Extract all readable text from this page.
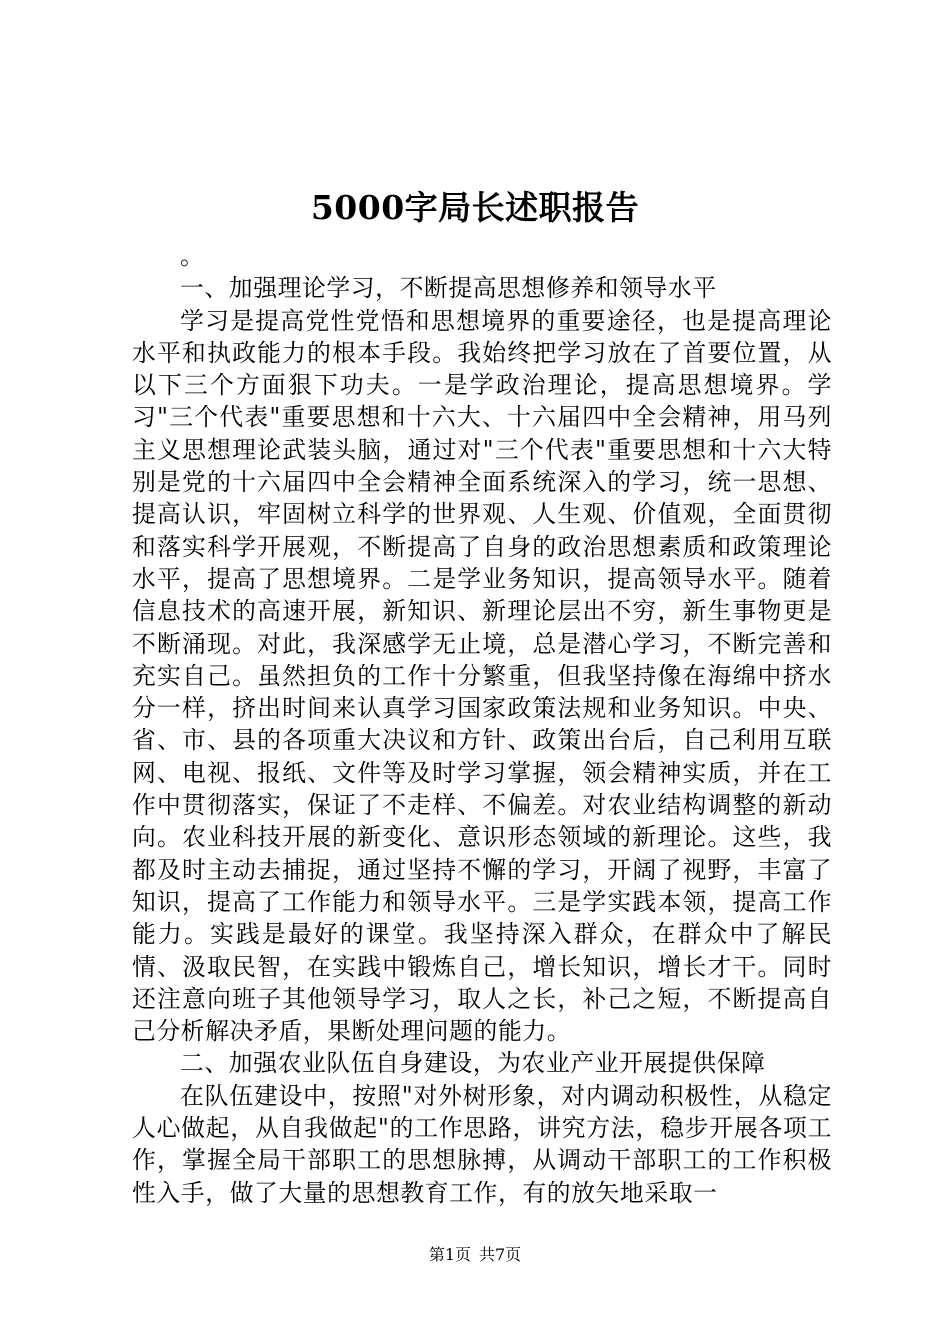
5000字局长述职报告

。

一、加强理论学习，不断提高思想修养和领导水平

学习是提高党性党悟和思想境界的重要途径，也是提高理论水平和执政能力的根本手段。我始终把学习放在了首要位置，从以下三个方面狠下功夫。一是学政治理论，提高思想境界。学习"三个代表"重要思想和十六大、十六届四中全会精神，用马列主义思想理论武装头脑，通过对"三个代表"重要思想和十六大特别是党的十六届四中全会精神全面系统深入的学习，统一思想、提高认识，牢固树立科学的世界观、人生观、价值观，全面贯彻和落实科学开展观，不断提高了自身的政治思想素质和政策理论水平，提高了思想境界。二是学业务知识，提高领导水平。随着信息技术的高速开展，新知识、新理论层出不穷，新生事物更是不断涌现。对此，我深感学无止境，总是潜心学习，不断完善和充实自己。虽然担负的工作十分繁重，但我坚持像在海绵中挤水分一样，挤出时间来认真学习国家政策法规和业务知识。中央、省、市、县的各项重大决议和方针、政策出台后，自己利用互联网、电视、报纸、文件等及时学习掌握，领会精神实质，并在工作中贯彻落实，保证了不走样、不偏差。对农业结构调整的新动向。农业科技开展的新变化、意识形态领域的新理论。这些，我都及时主动去捕捉，通过坚持不懈的学习，开阔了视野，丰富了知识，提高了工作能力和领导水平。三是学实践本领，提高工作能力。实践是最好的课堂。我坚持深入群众，在群众中了解民情、汲取民智，在实践中锻炼自己，增长知识，增长才干。同时还注意向班子其他领导学习，取人之长，补己之短，不断提高自己分析解决矛盾，果断处理问题的能力。

二、加强农业队伍自身建设，为农业产业开展提供保障

在队伍建设中，按照"对外树形象，对内调动积极性，从稳定人心做起，从自我做起"的工作思路，讲究方法，稳步开展各项工作，掌握全局干部职工的思想脉搏，从调动干部职工的工作积极性入手，做了大量的思想教育工作，有的放矢地采取一

第1页 共7页
